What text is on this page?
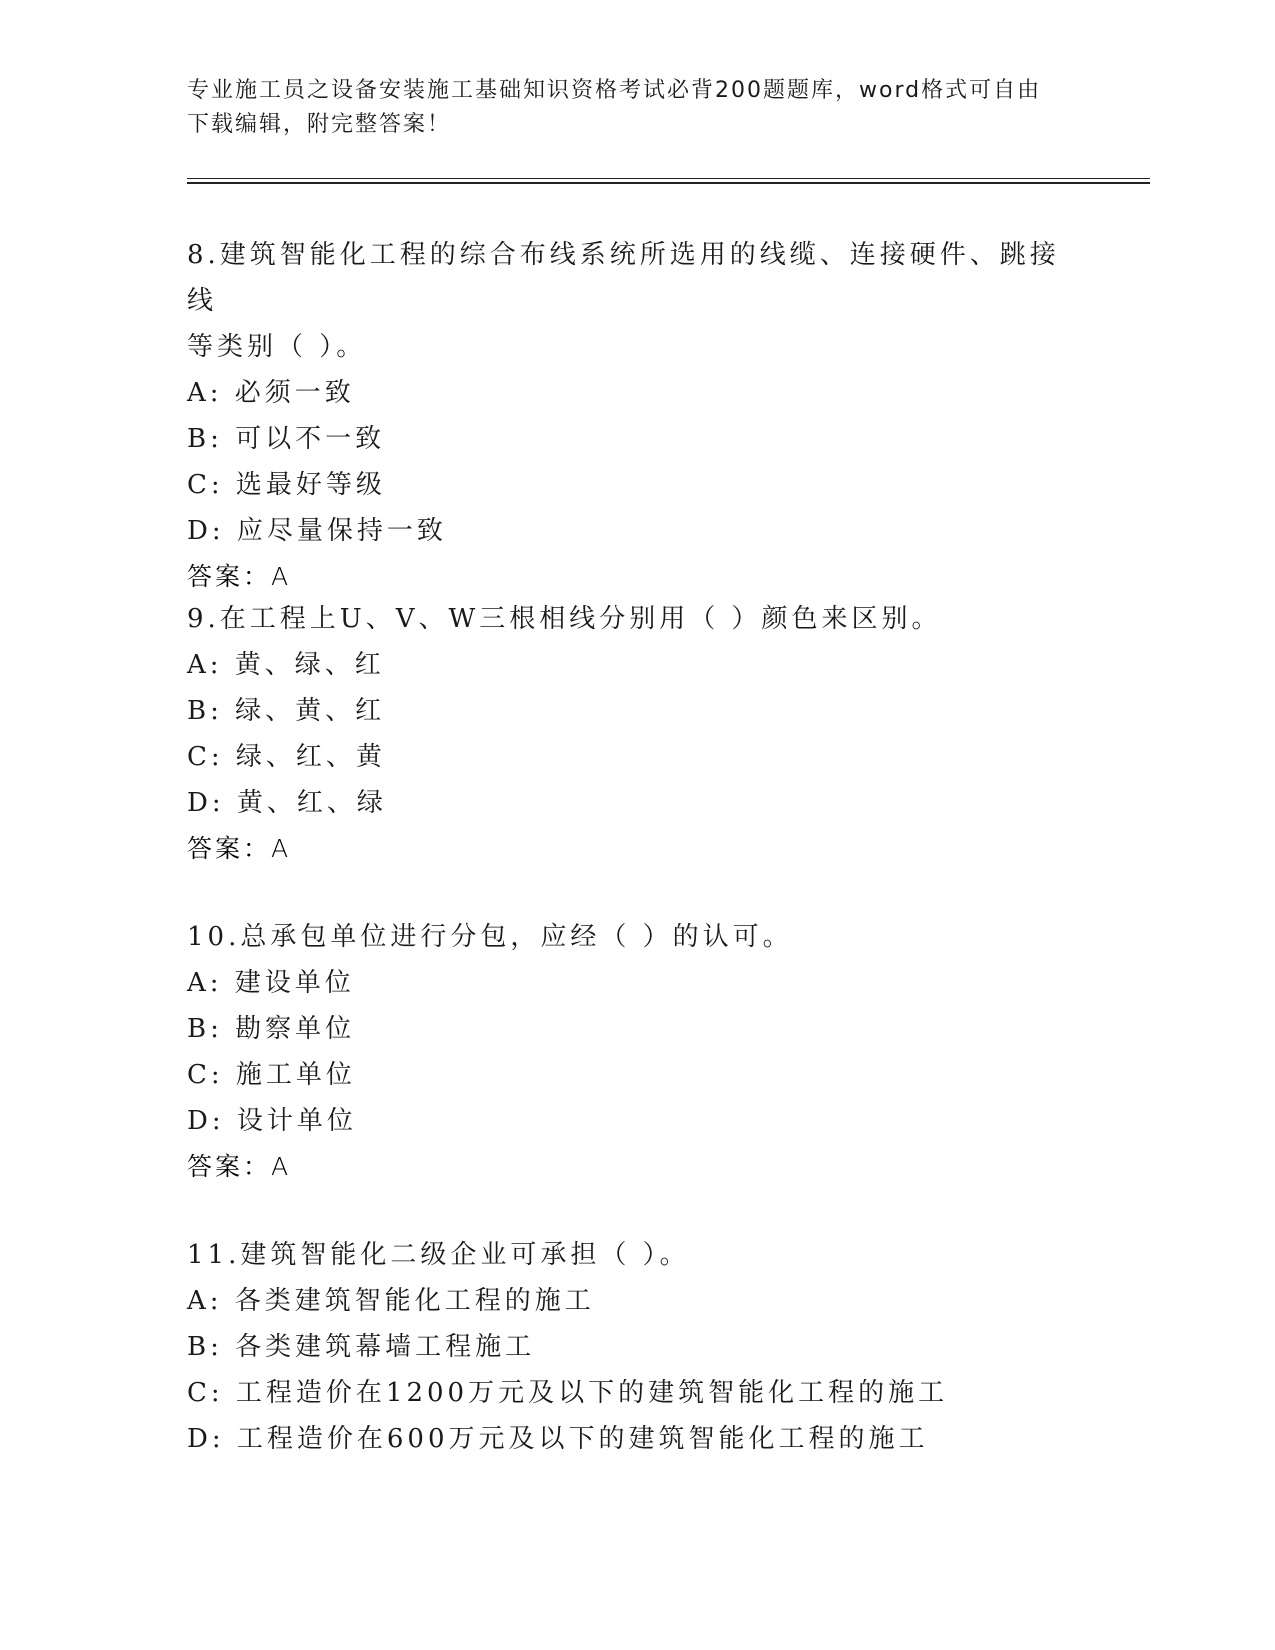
专业施工员之设备安装施工基础知识资格考试必背200题题库，word格式可自由
下载编辑，附完整答案！
8.建筑智能化工程的综合布线系统所选用的线缆、连接硬件、跳接线
等类别（ ）。
A: 必须一致
B: 可以不一致
C: 选最好等级
D: 应尽量保持一致
答案：A
9.在工程上U、V、W三根相线分别用（ ）颜色来区别。
A: 黄、绿、红
B: 绿、黄、红
C: 绿、红、黄
D: 黄、红、绿
答案：A
10.总承包单位进行分包，应经（ ）的认可。
A: 建设单位
B: 勘察单位
C: 施工单位
D: 设计单位
答案：A
11.建筑智能化二级企业可承担（ ）。
A: 各类建筑智能化工程的施工
B: 各类建筑幕墙工程施工
C: 工程造价在1200万元及以下的建筑智能化工程的施工
D: 工程造价在600万元及以下的建筑智能化工程的施工
